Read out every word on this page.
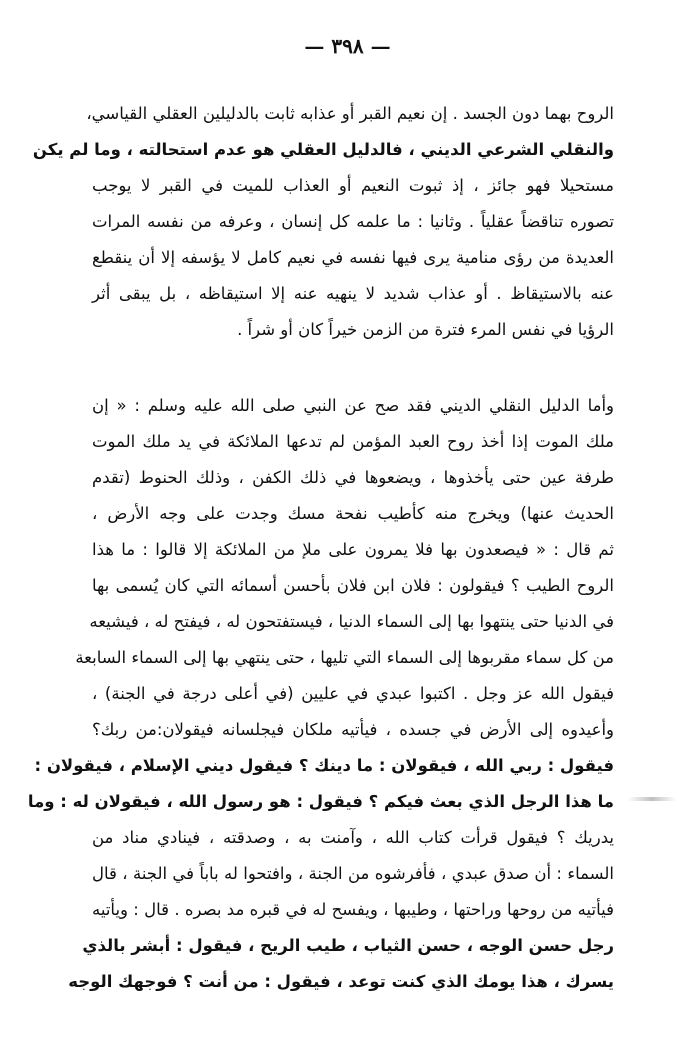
— ٣٩٨ —
الروح بهما دون الجسد . إن نعيم القبر أو عذابه ثابت بالدليلين العقلي القياسي،
والنقلي الشرعي الديني ، فالدليل العقلي هو عدم استحالته ، وما لم يكن
مستحيلا فهو جائز ، إذ ثبوت النعيم أو العذاب للميت في القبر لا يوجب
تصوره تناقضاً عقلياً . وثانيا : ما علمه كل إنسان ، وعرفه من نفسه المرات
العديدة من رؤى منامية يرى فيها نفسه في نعيم كامل لا يؤسفه إلا أن ينقطع
عنه بالاستيقاظ . أو عذاب شديد لا ينهيه عنه إلا استيقاظه ، بل يبقى أثر
الرؤيا في نفس المرء فترة من الزمن خيراً كان أو شراً .
وأما الدليل النقلي الديني فقد صح عن النبي صلى الله عليه وسلم : « إن
ملك الموت إذا أخذ روح العبد المؤمن لم تدعها الملائكة في يد ملك الموت
طرفة عين حتى يأخذوها ، ويضعوها في ذلك الكفن ، وذلك الحنوط (تقدم
الحديث عنها) ويخرج منه كأطيب نفحة مسك وجدت على وجه الأرض ،
ثم قال : « فيصعدون بها فلا يمرون على ملإ من الملائكة إلا قالوا : ما هذا
الروح الطيب ؟ فيقولون : فلان ابن فلان بأحسن أسمائه التي كان يُسمى بها
في الدنيا حتى ينتهوا بها إلى السماء الدنيا ، فيستفتحون له ، فيفتح له ، فيشيعه
من كل سماء مقربوها إلى السماء التي تليها ، حتى ينتهي بها إلى السماء السابعة
فيقول الله عز وجل . اكتبوا عبدي في عليين (في أعلى درجة في الجنة) ،
وأعيدوه إلى الأرض في جسده ، فيأتيه ملكان فيجلسانه فيقولان:من ربك؟
فيقول : ربي الله ، فيقولان : ما دينك ؟ فيقول ديني الإسلام ، فيقولان :
ما هذا الرجل الذي بعث فيكم ؟ فيقول : هو رسول الله ، فيقولان له : وما
يدريك ؟ فيقول قرأت كتاب الله ، وآمنت به ، وصدقته ، فينادي مناد من
السماء : أن صدق عبدي ، فأفرشوه من الجنة ، وافتحوا له باباً في الجنة ، قال
فيأتيه من روحها وراحتها ، وطيبها ، ويفسح له في قبره مد بصره . قال : ويأتيه
رجل حسن الوجه ، حسن الثياب ، طيب الريح ، فيقول : أبشر بالذي
يسرك ، هذا يومك الذي كنت توعد ، فيقول : من أنت ؟ فوجهك الوجه
